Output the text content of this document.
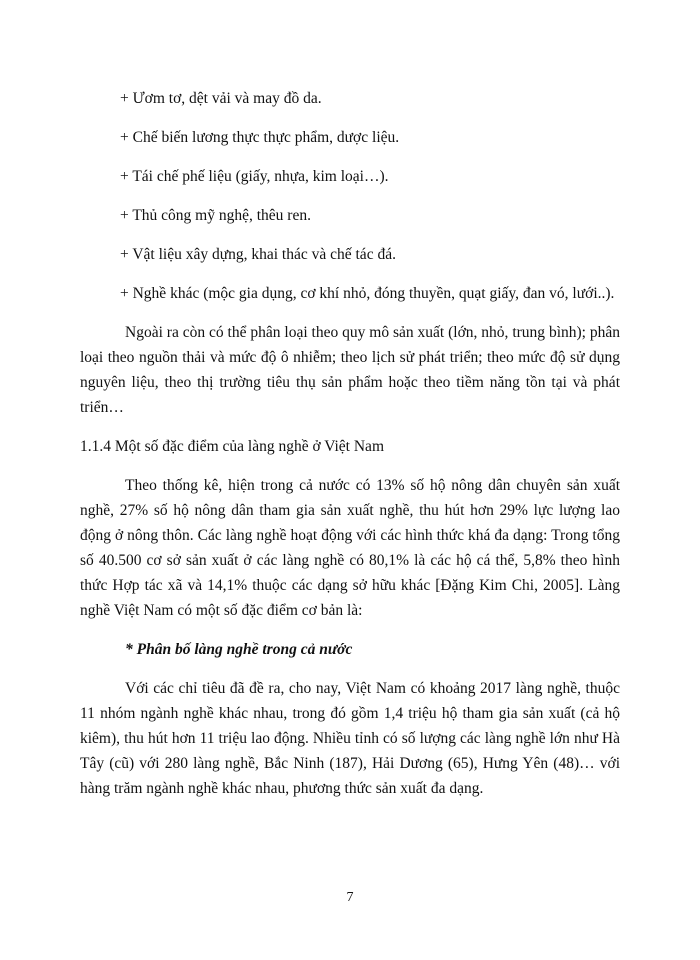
+ Ươm tơ, dệt vải và may đồ da.

+ Chế biến lương thực thực phẩm, dược liệu.

+ Tái chế phế liệu (giấy, nhựa, kim loại…).

+ Thủ công mỹ nghệ, thêu ren.

+ Vật liệu xây dựng, khai thác và chế tác đá.

+ Nghề khác (mộc gia dụng, cơ khí nhỏ, đóng thuyền, quạt giấy, đan vó, lưới..).

Ngoài ra còn có thể phân loại theo quy mô sản xuất (lớn, nhỏ, trung bình); phân loại theo nguồn thải và mức độ ô nhiễm; theo lịch sử phát triển; theo mức độ sử dụng nguyên liệu, theo thị trường tiêu thụ sản phẩm hoặc theo tiềm năng tồn tại và phát triển…

1.1.4 Một số đặc điểm của làng nghề ở Việt Nam

Theo thống kê, hiện trong cả nước có 13% số hộ nông dân chuyên sản xuất nghề, 27% số hộ nông dân tham gia sản xuất nghề, thu hút hơn 29% lực lượng lao động ở nông thôn. Các làng nghề hoạt động với các hình thức khá đa dạng: Trong tổng số 40.500 cơ sở sản xuất ở các làng nghề có 80,1% là các hộ cá thể, 5,8% theo hình thức Hợp tác xã và 14,1% thuộc các dạng sở hữu khác [Đặng Kim Chi, 2005]. Làng nghề Việt Nam có một số đặc điểm cơ bản là:

* Phân bố làng nghề trong cả nước

Với các chỉ tiêu đã đề ra, cho nay, Việt Nam có khoảng 2017 làng nghề, thuộc 11 nhóm ngành nghề khác nhau, trong đó gồm 1,4 triệu hộ tham gia sản xuất (cả hộ kiêm), thu hút hơn 11 triệu lao động. Nhiều tỉnh có số lượng các làng nghề lớn như Hà Tây (cũ) với 280 làng nghề, Bắc Ninh (187), Hải Dương (65), Hưng Yên (48)… với hàng trăm ngành nghề khác nhau, phương thức sản xuất đa dạng.

7
